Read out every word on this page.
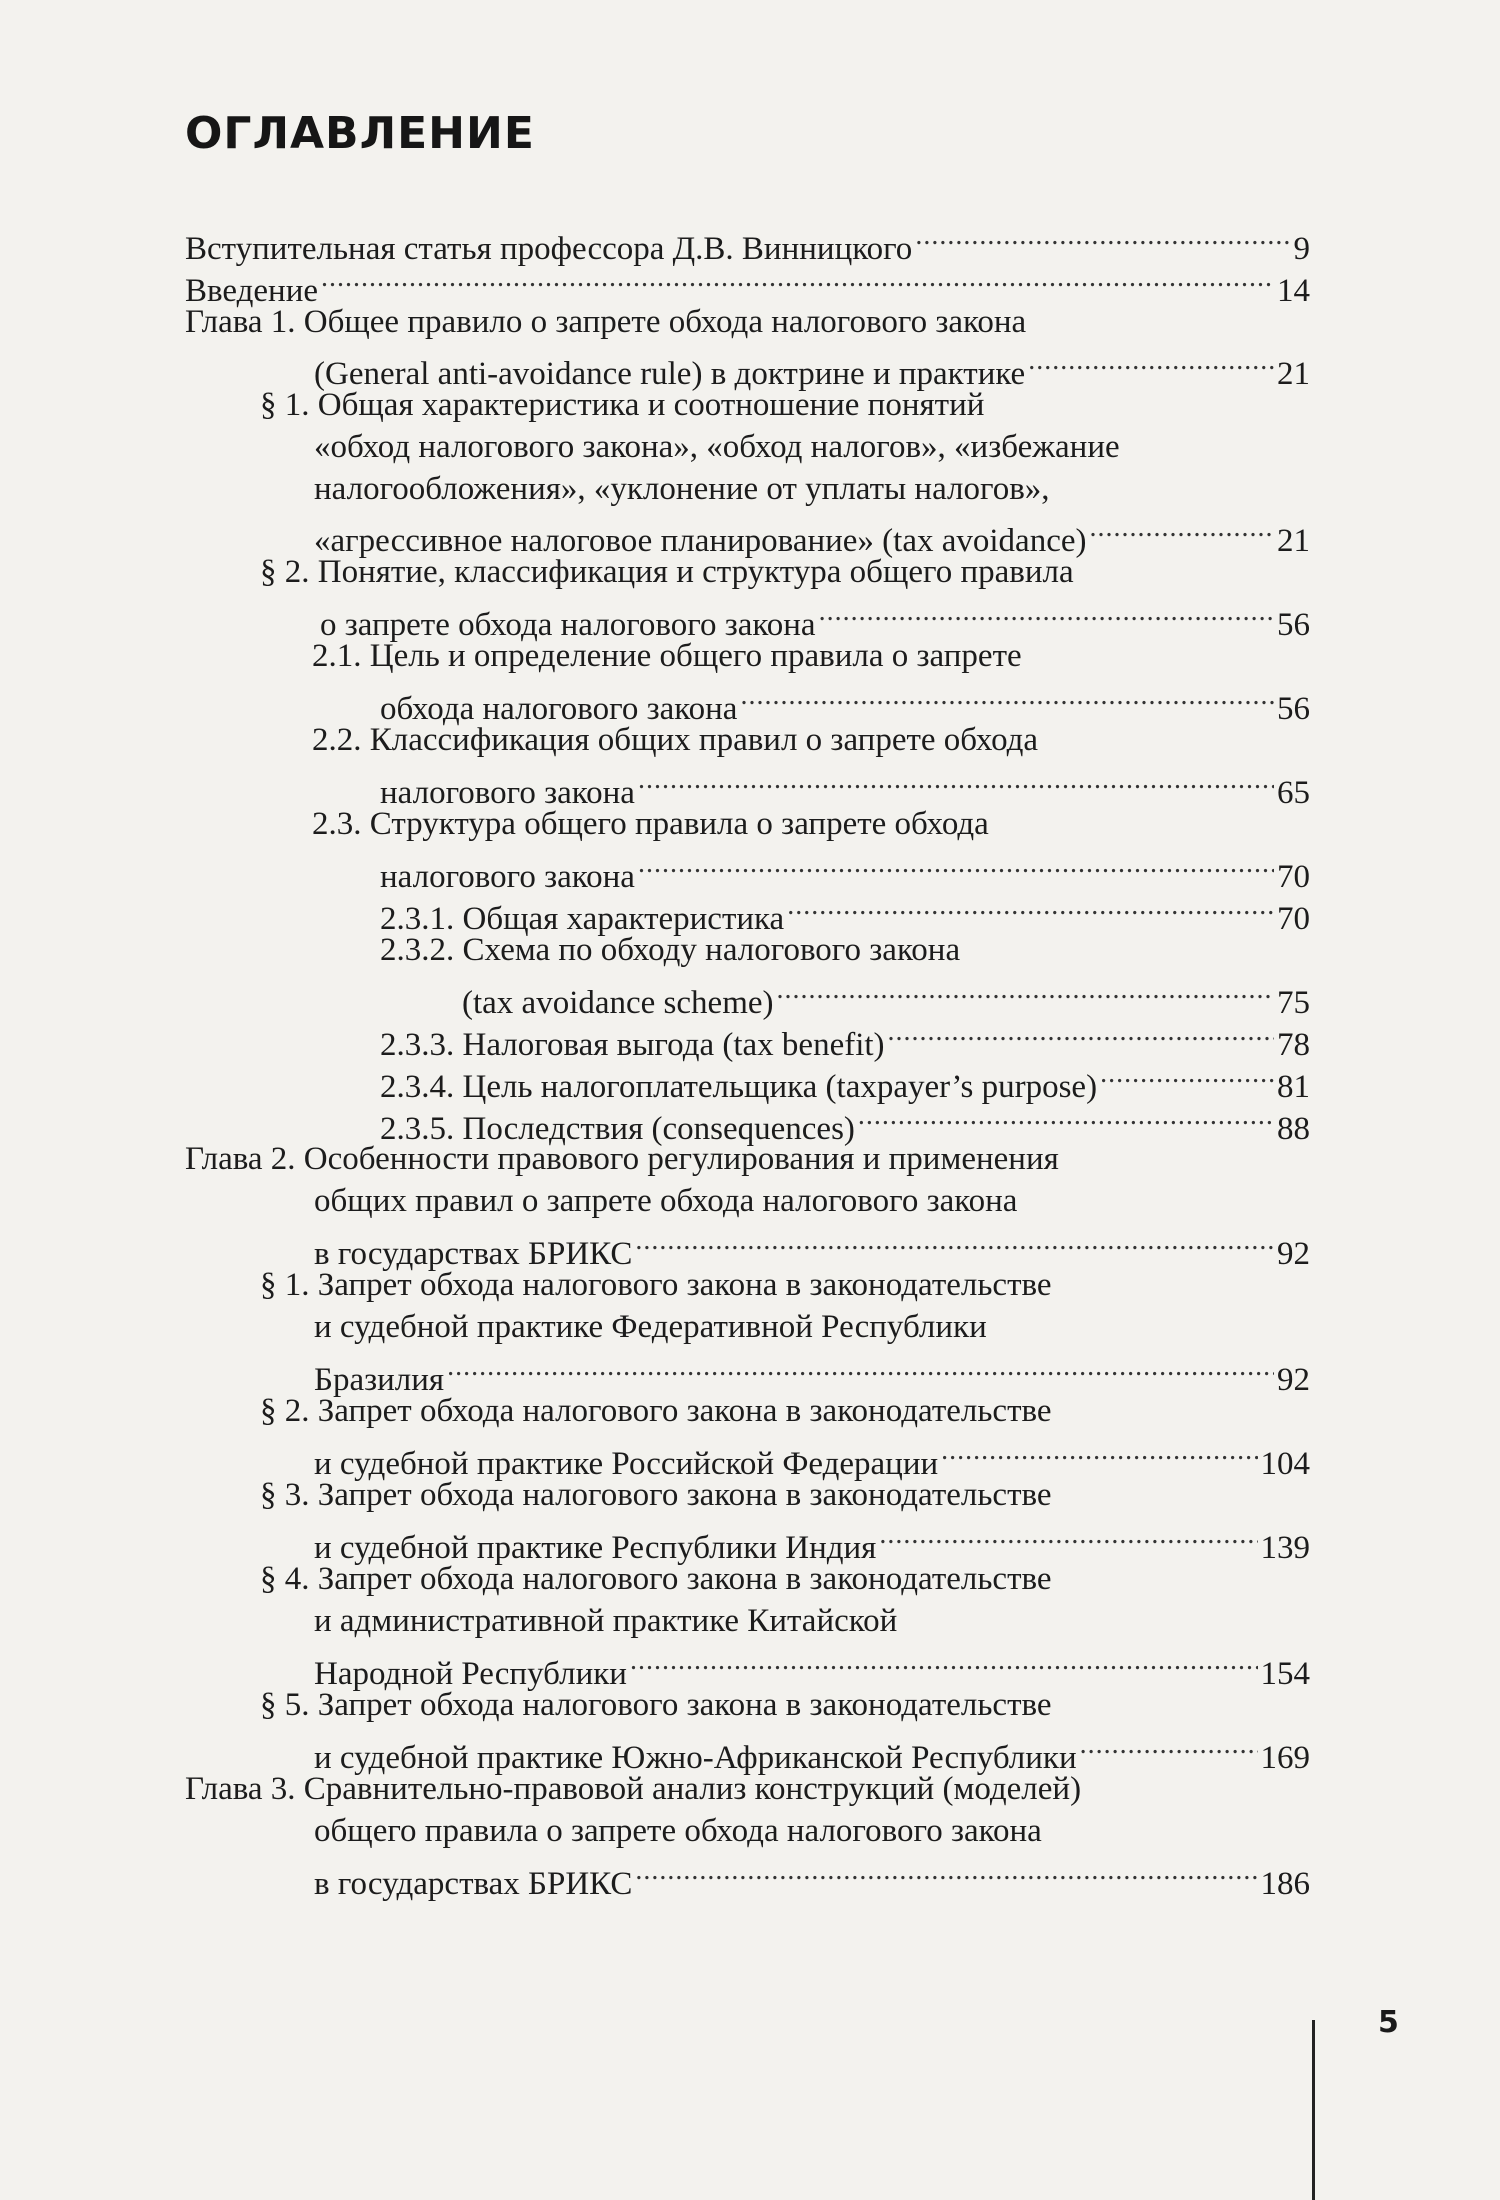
ОГЛАВЛЕНИЕ
Вступительная статья профессора Д.В. Винницкого .....	9
Введение .....	14
Глава 1. Общее правило о запрете обхода налогового закона
(General anti-avoidance rule) в доктрине и практике .....	21
§ 1. Общая характеристика и соотношение понятий
«обход налогового закона», «обход налогов», «избежание
налогообложения», «уклонение от уплаты налогов»,
«агрессивное налоговое планирование» (tax avoidance) .....	21
§ 2. Понятие, классификация и структура общего правила
о запрете обхода налогового закона .....	56
2.1. Цель и определение общего правила о запрете
обхода налогового закона .....	56
2.2. Классификация общих правил о запрете обхода
налогового закона .....	65
2.3. Структура общего правила о запрете обхода
налогового закона .....	70
2.3.1. Общая характеристика .....	70
2.3.2. Схема по обходу налогового закона
(tax avoidance scheme) .....	75
2.3.3. Налоговая выгода (tax benefit) .....	78
2.3.4. Цель налогоплательщика (taxpayer’s purpose) .....	81
2.3.5. Последствия (consequences) .....	88
Глава 2. Особенности правового регулирования и применения
общих правил о запрете обхода налогового закона
в государствах БРИКС .....	92
§ 1. Запрет обхода налогового закона в законодательстве
и судебной практике Федеративной Республики
Бразилия .....	92
§ 2. Запрет обхода налогового закона в законодательстве
и судебной практике Российской Федерации .....	104
§ 3. Запрет обхода налогового закона в законодательстве
и судебной практике Республики Индия .....	139
§ 4. Запрет обхода налогового закона в законодательстве
и административной практике Китайской
Народной Республики .....	154
§ 5. Запрет обхода налогового закона в законодательстве
и судебной практике Южно-Африканской Республики .....	169
Глава 3. Сравнительно-правовой анализ конструкций (моделей)
общего правила о запрете обхода налогового закона
в государствах БРИКС .....	186
5
